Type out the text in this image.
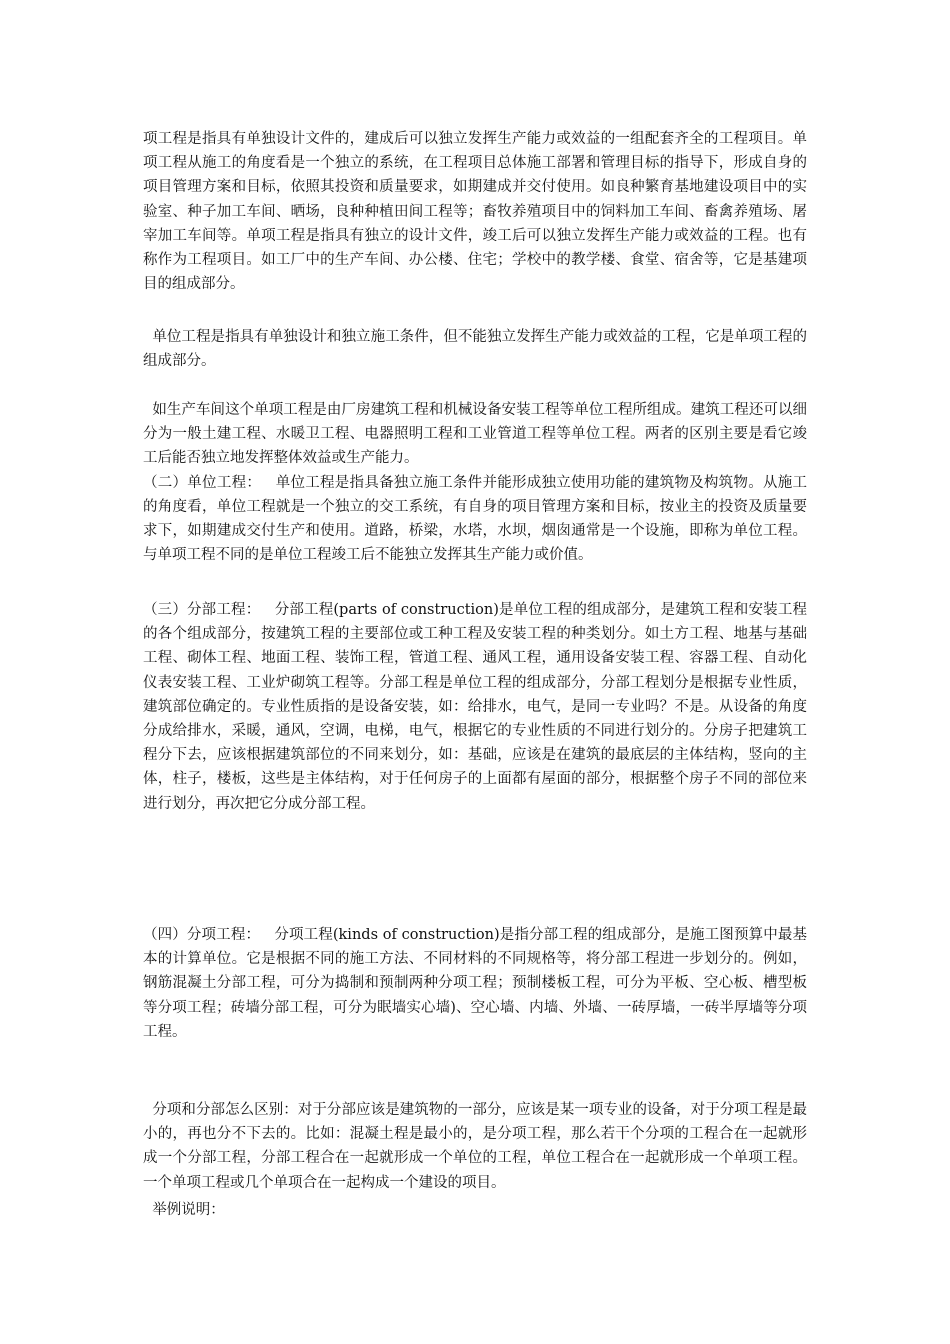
项工程是指具有单独设计文件的，建成后可以独立发挥生产能力或效益的一组配套齐全的工程项目。单项工程从施工的角度看是一个独立的系统，在工程项目总体施工部署和管理目标的指导下，形成自身的项目管理方案和目标，依照其投资和质量要求，如期建成并交付使用。如良种繁育基地建设项目中的实验室、种子加工车间、晒场，良种种植田间工程等；畜牧养殖项目中的饲料加工车间、畜禽养殖场、屠宰加工车间等。单项工程是指具有独立的设计文件，竣工后可以独立发挥生产能力或效益的工程。也有称作为工程项目。如工厂中的生产车间、办公楼、住宅；学校中的教学楼、食堂、宿舍等，它是基建项目的组成部分。

单位工程是指具有单独设计和独立施工条件，但不能独立发挥生产能力或效益的工程，它是单项工程的组成部分。

如生产车间这个单项工程是由厂房建筑工程和机械设备安装工程等单位工程所组成。建筑工程还可以细分为一般土建工程、水暖卫工程、电器照明工程和工业管道工程等单位工程。两者的区别主要是看它竣工后能否独立地发挥整体效益或生产能力。
（二）单位工程：   单位工程是指具备独立施工条件并能形成独立使用功能的建筑物及构筑物。从施工的角度看，单位工程就是一个独立的交工系统，有自身的项目管理方案和目标，按业主的投资及质量要求下，如期建成交付生产和使用。道路，桥梁，水塔，水坝，烟囱通常是一个设施，即称为单位工程。与单项工程不同的是单位工程竣工后不能独立发挥其生产能力或价值。

（三）分部工程：   分部工程(parts of construction)是单位工程的组成部分，是建筑工程和安装工程的各个组成部分，按建筑工程的主要部位或工种工程及安装工程的种类划分。如土方工程、地基与基础工程、砌体工程、地面工程、装饰工程，管道工程、通风工程，通用设备安装工程、容器工程、自动化仪表安装工程、工业炉砌筑工程等。分部工程是单位工程的组成部分，分部工程划分是根据专业性质，建筑部位确定的。专业性质指的是设备安装，如：给排水，电气，是同一专业吗？不是。从设备的角度分成给排水，采暖，通风，空调，电梯，电气，根据它的专业性质的不同进行划分的。分房子把建筑工程分下去，应该根据建筑部位的不同来划分，如：基础，应该是在建筑的最底层的主体结构，竖向的主体，柱子，楼板，这些是主体结构，对于任何房子的上面都有屋面的部分，根据整个房子不同的部位来进行划分，再次把它分成分部工程。

（四）分项工程：   分项工程(kinds of construction)是指分部工程的组成部分，是施工图预算中最基本的计算单位。它是根据不同的施工方法、不同材料的不同规格等，将分部工程进一步划分的。例如，钢筋混凝土分部工程，可分为捣制和预制两种分项工程；预制楼板工程，可分为平板、空心板、槽型板等分项工程；砖墙分部工程，可分为眠墙实心墙)、空心墙、内墙、外墙、一砖厚墙，一砖半厚墙等分项工程。

分项和分部怎么区别：对于分部应该是建筑物的一部分，应该是某一项专业的设备，对于分项工程是最小的，再也分不下去的。比如：混凝土程是最小的，是分项工程，那么若干个分项的工程合在一起就形成一个分部工程，分部工程合在一起就形成一个单位的工程，单位工程合在一起就形成一个单项工程。一个单项工程或几个单项合在一起构成一个建设的项目。

举例说明：
